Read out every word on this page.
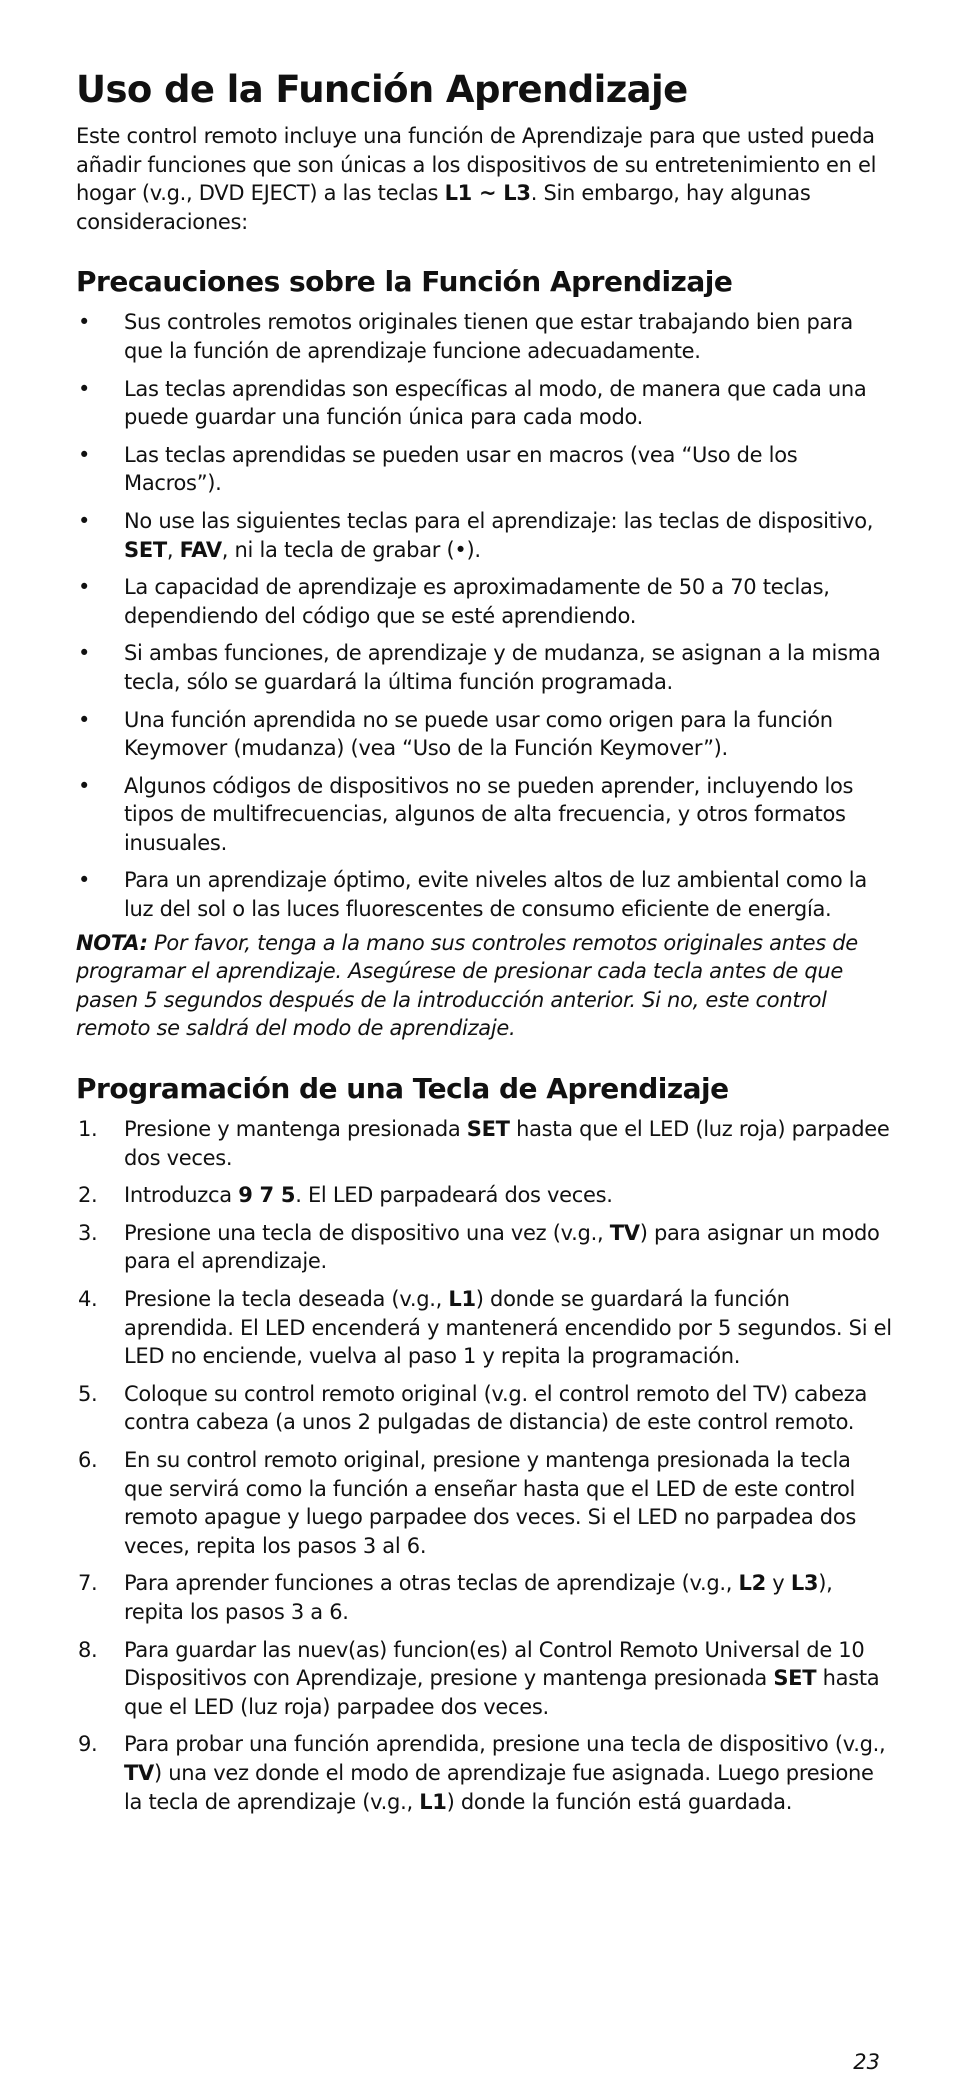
Uso de la Función Aprendizaje

Este control remoto incluye una función de Aprendizaje para que usted pueda añadir funciones que son únicas a los dispositivos de su entretenimiento en el hogar (v.g., DVD EJECT) a las teclas L1 ~ L3. Sin embargo, hay algunas consideraciones:

Precauciones sobre la Función Aprendizaje
• Sus controles remotos originales tienen que estar trabajando bien para que la función de aprendizaje funcione adecuadamente.
• Las teclas aprendidas son específicas al modo, de manera que cada una puede guardar una función única para cada modo.
• Las teclas aprendidas se pueden usar en macros (vea “Uso de los Macros”).
• No use las siguientes teclas para el aprendizaje: las teclas de dispositivo, SET, FAV, ni la tecla de grabar (•).
• La capacidad de aprendizaje es aproximadamente de 50 a 70 teclas, dependiendo del código que se esté aprendiendo.
• Si ambas funciones, de aprendizaje y de mudanza, se asignan a la misma tecla, sólo se guardará la última función programada.
• Una función aprendida no se puede usar como origen para la función Keymover (mudanza) (vea “Uso de la Función Keymover”).
• Algunos códigos de dispositivos no se pueden aprender, incluyendo los tipos de multifrecuencias, algunos de alta frecuencia, y otros formatos inusuales.
• Para un aprendizaje óptimo, evite niveles altos de luz ambiental como la luz del sol o las luces fluorescentes de consumo eficiente de energía.

NOTA: Por favor, tenga a la mano sus controles remotos originales antes de programar el aprendizaje. Asegúrese de presionar cada tecla antes de que pasen 5 segundos después de la introducción anterior. Si no, este control remoto se saldrá del modo de aprendizaje.

Programación de una Tecla de Aprendizaje
1. Presione y mantenga presionada SET hasta que el LED (luz roja) parpadee dos veces.
2. Introduzca 9 7 5. El LED parpadeará dos veces.
3. Presione una tecla de dispositivo una vez (v.g., TV) para asignar un modo para el aprendizaje.
4. Presione la tecla deseada (v.g., L1) donde se guardará la función aprendida. El LED encenderá y mantenerá encendido por 5 segundos. Si el LED no enciende, vuelva al paso 1 y repita la programación.
5. Coloque su control remoto original (v.g. el control remoto del TV) cabeza contra cabeza (a unos 2 pulgadas de distancia) de este control remoto.
6. En su control remoto original, presione y mantenga presionada la tecla que servirá como la función a enseñar hasta que el LED de este control remoto apague y luego parpadee dos veces. Si el LED no parpadea dos veces, repita los pasos 3 al 6.
7. Para aprender funciones a otras teclas de aprendizaje (v.g., L2 y L3), repita los pasos 3 a 6.
8. Para guardar las nuev(as) funcion(es) al Control Remoto Universal de 10 Dispositivos con Aprendizaje, presione y mantenga presionada SET hasta que el LED (luz roja) parpadee dos veces.
9. Para probar una función aprendida, presione una tecla de dispositivo (v.g., TV) una vez donde el modo de aprendizaje fue asignada. Luego presione la tecla de aprendizaje (v.g., L1) donde la función está guardada.
23
